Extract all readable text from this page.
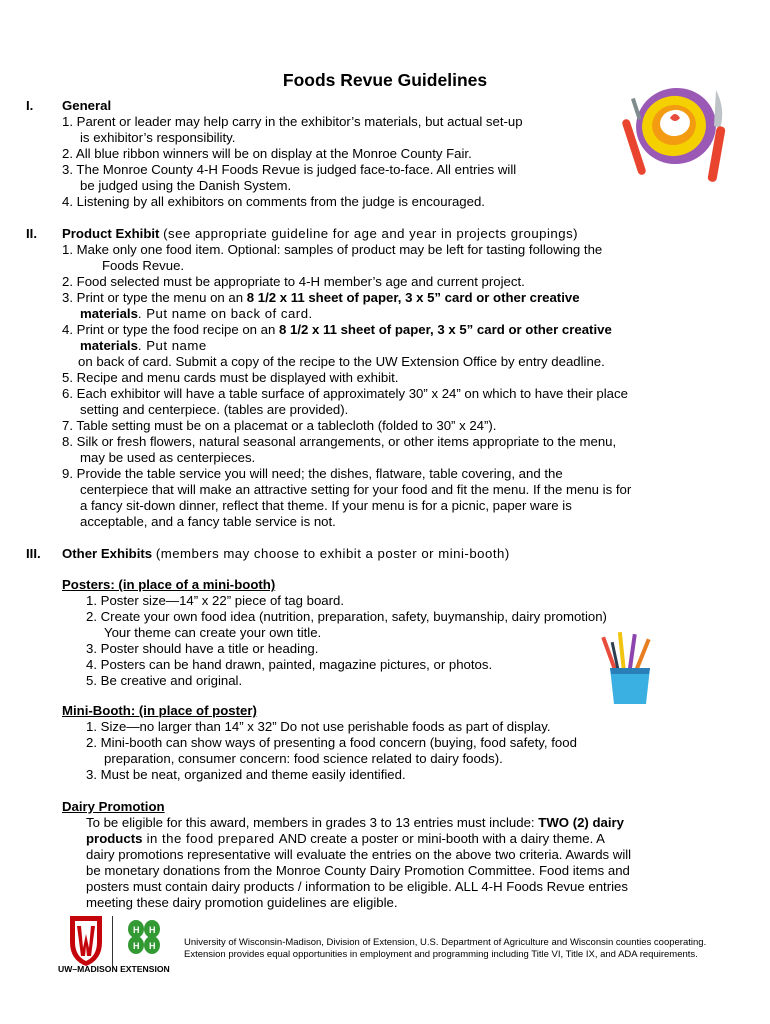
Foods Revue Guidelines
I. General
1. Parent or leader may help carry in the exhibitor’s materials, but actual set-up
is exhibitor’s responsibility.
2. All blue ribbon winners will be on display at the Monroe County Fair.
3. The Monroe County 4-H Foods Revue is judged face-to-face. All entries will
be judged using the Danish System.
4. Listening by all exhibitors on comments from the judge is encouraged.
II. Product Exhibit (see appropriate guideline for age and year in projects groupings)
1. Make only one food item. Optional: samples of product may be left for tasting following the
Foods Revue.
2. Food selected must be appropriate to 4-H member’s age and current project.
3. Print or type the menu on an 8 1/2 x 11 sheet of paper, 3 x 5” card or other creative
materials. Put name on back of card.
4. Print or type the food recipe on an 8 1/2 x 11 sheet of paper, 3 x 5” card or other creative
materials. Put name
on back of card. Submit a copy of the recipe to the UW Extension Office by entry deadline.
5. Recipe and menu cards must be displayed with exhibit.
6. Each exhibitor will have a table surface of approximately 30” x 24” on which to have their place
setting and centerpiece. (tables are provided).
7. Table setting must be on a placemat or a tablecloth (folded to 30” x 24”).
8. Silk or fresh flowers, natural seasonal arrangements, or other items appropriate to the menu,
may be used as centerpieces.
9. Provide the table service you will need; the dishes, flatware, table covering, and the
centerpiece that will make an attractive setting for your food and fit the menu. If the menu is for
a fancy sit-down dinner, reflect that theme. If your menu is for a picnic, paper ware is
acceptable, and a fancy table service is not.
III. Other Exhibits (members may choose to exhibit a poster or mini-booth)
Posters: (in place of a mini-booth)
1. Poster size—14” x 22” piece of tag board.
2. Create your own food idea (nutrition, preparation, safety, buymanship, dairy promotion)
Your theme can create your own title.
3. Poster should have a title or heading.
4. Posters can be hand drawn, painted, magazine pictures, or photos.
5. Be creative and original.
Mini-Booth: (in place of poster)
1. Size—no larger than 14” x 32” Do not use perishable foods as part of display.
2. Mini-booth can show ways of presenting a food concern (buying, food safety, food
preparation, consumer concern: food science related to dairy foods).
3. Must be neat, organized and theme easily identified.
Dairy Promotion
To be eligible for this award, members in grades 3 to 13 entries must include: TWO (2) dairy
products in the food prepared AND create a poster or mini-booth with a dairy theme. A
dairy promotions representative will evaluate the entries on the above two criteria. Awards will
be monetary donations from the Monroe County Dairy Promotion Committee. Food items and
posters must contain dairy products / information to be eligible. ALL 4-H Foods Revue entries
meeting these dairy promotion guidelines are eligible.
H H
H H
UW–MADISON EXTENSION
University of Wisconsin-Madison, Division of Extension, U.S. Department of Agriculture and Wisconsin counties cooperating. Extension provides equal opportunities in employment and programming including Title VI, Title IX, and ADA requirements.
